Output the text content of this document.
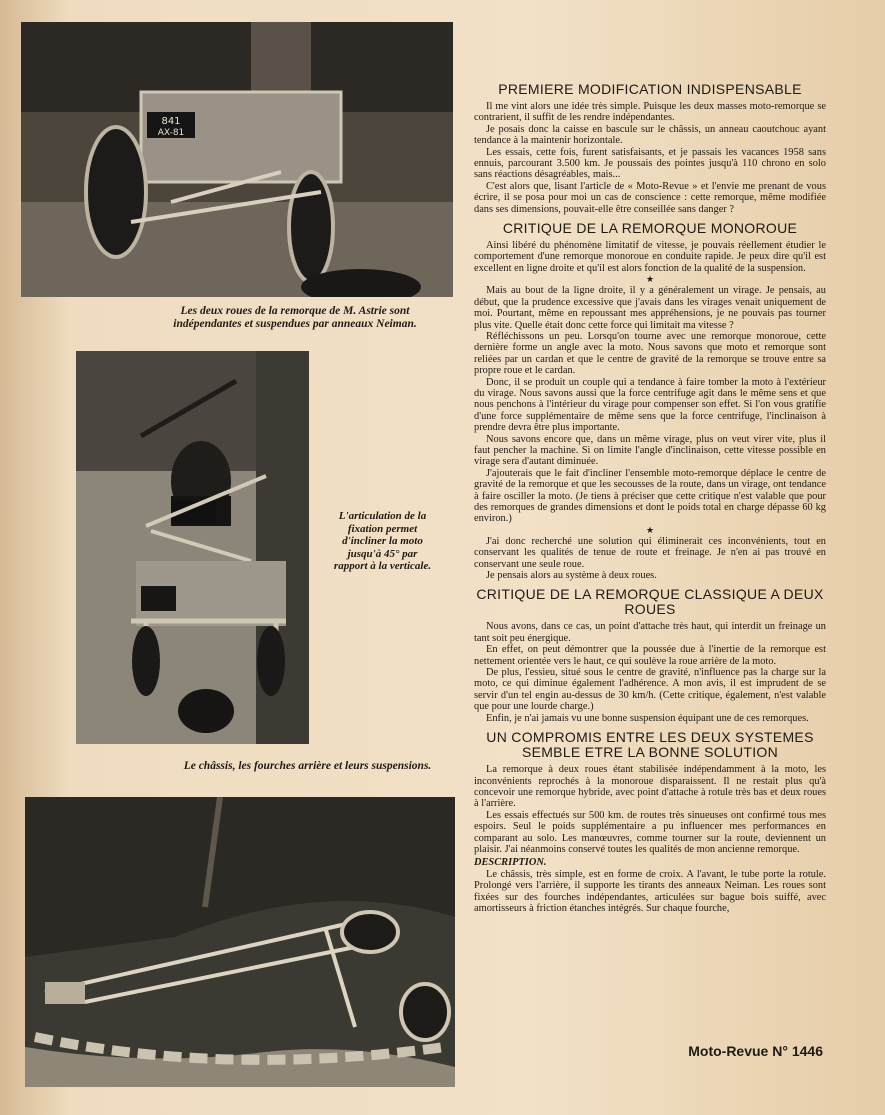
841
AX-81
Les deux roues de la remorque de M. Astrie sont indépendantes et suspendues par anneaux Neiman.
L'articulation de la fixation permet d'incliner la moto jusqu'à 45° par rapport à la verticale.
Le châssis, les fourches arrière et leurs suspensions.
PREMIERE MODIFICATION INDISPENSABLE

Il me vint alors une idée très simple. Puisque les deux masses moto-remorque se contrarient, il suffit de les rendre indépendantes.

Je posais donc la caisse en bascule sur le châssis, un anneau caoutchouc ayant tendance à la maintenir horizontale.

Les essais, cette fois, furent satisfaisants, et je passais les vacances 1958 sans ennuis, parcourant 3.500 km. Je poussais des pointes jusqu'à 110 chrono en solo sans réactions désagréables, mais...

C'est alors que, lisant l'article de « Moto-Revue » et l'envie me prenant de vous écrire, il se posa pour moi un cas de conscience : cette remorque, même modifiée dans ses dimensions, pouvait-elle être conseillée sans danger ?

CRITIQUE DE LA REMORQUE MONOROUE

Ainsi libéré du phénomène limitatif de vitesse, je pouvais réellement étudier le comportement d'une remorque monoroue en conduite rapide. Je peux dire qu'il est excellent en ligne droite et qu'il est alors fonction de la qualité de la suspension.

★

Mais au bout de la ligne droite, il y a généralement un virage. Je pensais, au début, que la prudence excessive que j'avais dans les virages venait uniquement de moi. Pourtant, même en repoussant mes appréhensions, je ne pouvais pas tourner plus vite. Quelle était donc cette force qui limitait ma vitesse ?

Réfléchissons un peu. Lorsqu'on tourne avec une remorque monoroue, cette dernière forme un angle avec la moto. Nous savons que moto et remorque sont reliées par un cardan et que le centre de gravité de la remorque se trouve entre sa propre roue et le cardan.

Donc, il se produit un couple qui a tendance à faire tomber la moto à l'extérieur du virage. Nous savons aussi que la force centrifuge agit dans le même sens et que nous penchons à l'intérieur du virage pour compenser son effet. Si l'on vous gratifie d'une force supplémentaire de même sens que la force centrifuge, l'inclinaison à prendre devra être plus importante.

Nous savons encore que, dans un même virage, plus on veut virer vite, plus il faut pencher la machine. Si on limite l'angle d'inclinaison, cette vitesse possible en virage sera d'autant diminuée.

J'ajouterais que le fait d'incliner l'ensemble moto-remorque déplace le centre de gravité de la remorque et que les secousses de la route, dans un virage, ont tendance à faire osciller la moto. (Je tiens à préciser que cette critique n'est valable que pour des remorques de grandes dimensions et dont le poids total en charge dépasse 60 kg environ.)

★

J'ai donc recherché une solution qui éliminerait ces inconvénients, tout en conservant les qualités de tenue de route et freinage. Je n'en ai pas trouvé en conservant une seule roue.

Je pensais alors au système à deux roues.

CRITIQUE DE LA REMORQUE CLASSIQUE A DEUX ROUES

Nous avons, dans ce cas, un point d'attache très haut, qui interdit un freinage un tant soit peu énergique.

En effet, on peut démontrer que la poussée due à l'inertie de la remorque est nettement orientée vers le haut, ce qui soulève la roue arrière de la moto.

De plus, l'essieu, situé sous le centre de gravité, n'influence pas la charge sur la moto, ce qui diminue également l'adhérence. A mon avis, il est imprudent de se servir d'un tel engin au-dessus de 30 km/h. (Cette critique, également, n'est valable que pour une lourde charge.)

Enfin, je n'ai jamais vu une bonne suspension équipant une de ces remorques.

UN COMPROMIS ENTRE LES DEUX SYSTEMES SEMBLE ETRE LA BONNE SOLUTION

La remorque à deux roues étant stabilisée indépendamment à la moto, les inconvénients reprochés à la monoroue disparaissent. Il ne restait plus qu'à concevoir une remorque hybride, avec point d'attache à rotule très bas et deux roues à l'arrière.

Les essais effectués sur 500 km. de routes très sinueuses ont confirmé tous mes espoirs. Seul le poids supplémentaire a pu influencer mes performances en comparant au solo. Les manœuvres, comme tourner sur la route, deviennent un plaisir. J'ai néanmoins conservé toutes les qualités de mon ancienne remorque.

DESCRIPTION.

Le châssis, très simple, est en forme de croix. A l'avant, le tube porte la rotule. Prolongé vers l'arrière, il supporte les tirants des anneaux Neiman. Les roues sont fixées sur des fourches indépendantes, articulées sur bague bois suiffé, avec amortisseurs à friction étanches intégrés. Sur chaque fourche,

Moto-Revue N° 1446
